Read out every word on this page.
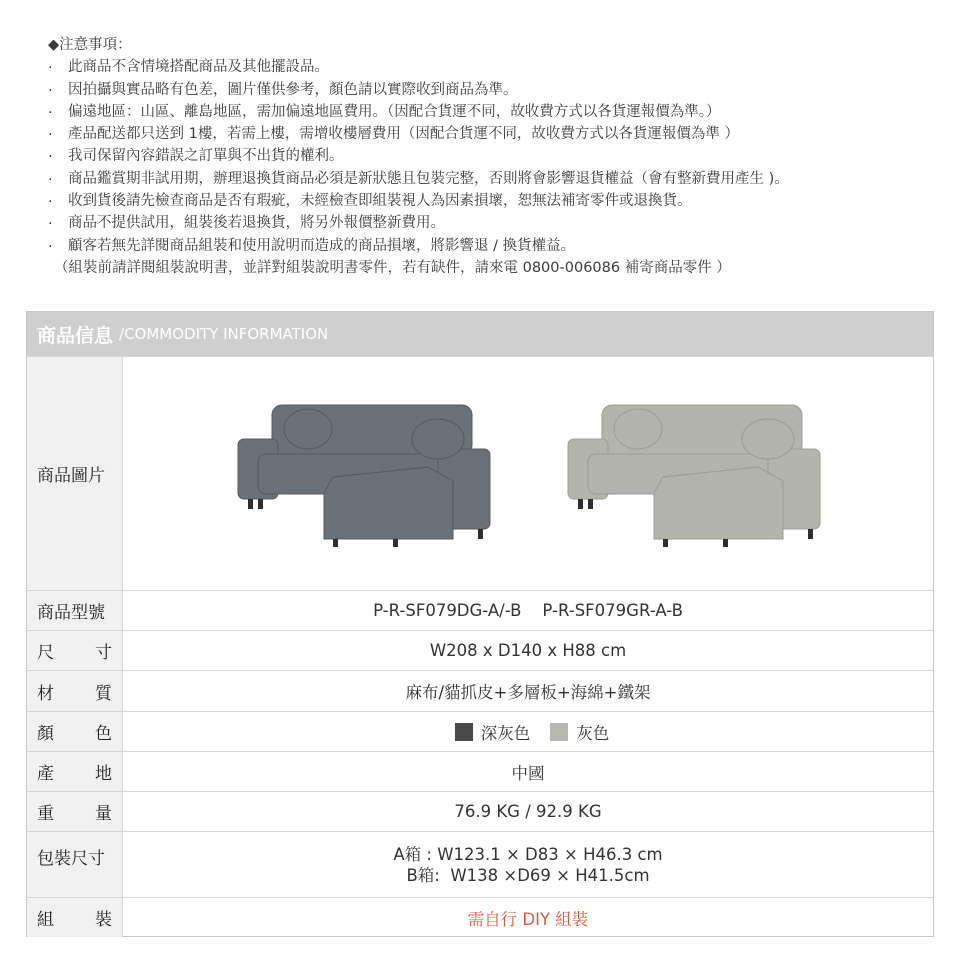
◆注意事項：
. 此商品不含情境搭配商品及其他擺設品。
. 因拍攝與實品略有色差，圖片僅供參考，顏色請以實際收到商品為準。
. 偏遠地區：山區、離島地區，需加偏遠地區費用。（因配合貨運不同，故收費方式以各貨運報價為準。）
. 產品配送都只送到 1樓，若需上樓，需增收樓層費用（因配合貨運不同，故收費方式以各貨運報價為準 ）
. 我司保留內容錯誤之訂單與不出貨的權利。
. 商品鑑賞期非試用期，辦理退換貨商品必須是新狀態且包裝完整，否則將會影響退貨權益（會有整新費用產生 )。
. 收到貨後請先檢查商品是否有瑕疵，未經檢查即組裝視人為因素損壞，恕無法補寄零件或退換貨。
. 商品不提供試用，組裝後若退換貨，將另外報價整新費用。
. 顧客若無先詳閱商品組裝和使用說明而造成的商品損壞，將影響退 / 換貨權益。
（組裝前請詳閱組裝說明書，並詳對組裝說明書零件，若有缺件，請來電 0800-006086 補寄商品零件 ）
商品信息 /COMMODITY INFORMATION
商品圖片
商品型號	P-R-SF079DG-A/-B    P-R-SF079GR-A-B
尺 寸	W208 x D140 x H88 cm
材 質	麻布/貓抓皮+多層板+海綿+鐵架
顏 色	深灰色	灰色
產 地	中國
重 量	76.9 KG / 92.9 KG
包裝尺寸	A箱 : W123.1 × D83 × H46.3 cm
B箱:  W138 ×D69 × H41.5cm
組 裝	需自行 DIY 組裝
